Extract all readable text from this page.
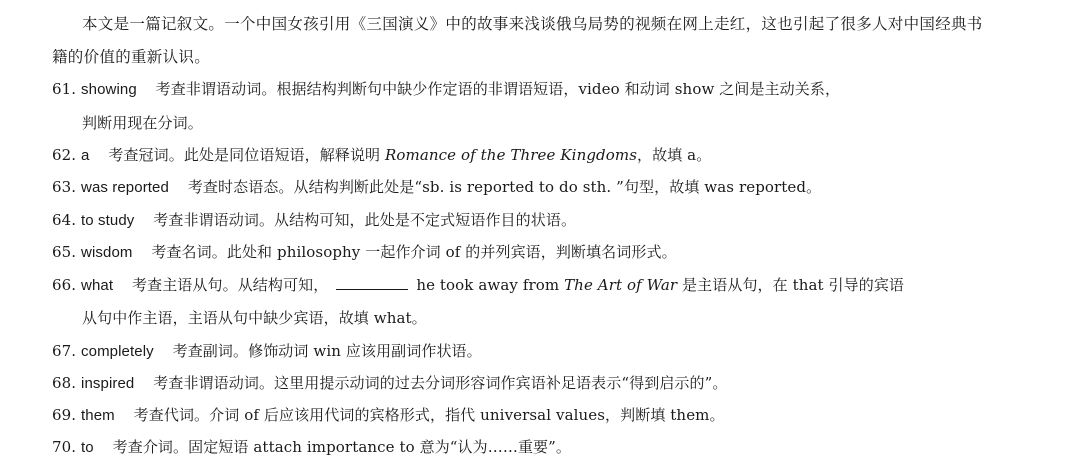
本文是一篇记叙文。一个中国女孩引用《三国演义》中的故事来浅谈俄乌局势的视频在网上走红，这也引起了很多人对中国经典书籍的价值的重新认识。

61. showing 考查非谓语动词。根据结构判断句中缺少作定语的非谓语短语，video 和动词 show 之间是主动关系，
判断用现在分词。
62. a 考查冠词。此处是同位语短语，解释说明 Romance of the Three Kingdoms，故填 a。
63. was reported 考查时态语态。从结构判断此处是“sb. is reported to do sth. ”句型，故填 was reported。
64. to study 考查非谓语动词。从结构可知，此处是不定式短语作目的状语。
65. wisdom 考查名词。此处和 philosophy 一起作介词 of 的并列宾语，判断填名词形式。
66. what 考查主语从句。从结构可知，	he took away from The Art of War 是主语从句，在 that 引导的宾语
从句中作主语，主语从句中缺少宾语，故填 what。
67. completely 考查副词。修饰动词 win 应该用副词作状语。
68. inspired 考查非谓语动词。这里用提示动词的过去分词形容词作宾语补足语表示“得到启示的”。
69. them 考查代词。介词 of 后应该用代词的宾格形式，指代 universal values，判断填 them。
70. to 考查介词。固定短语 attach importance to 意为“认为……重要”。
